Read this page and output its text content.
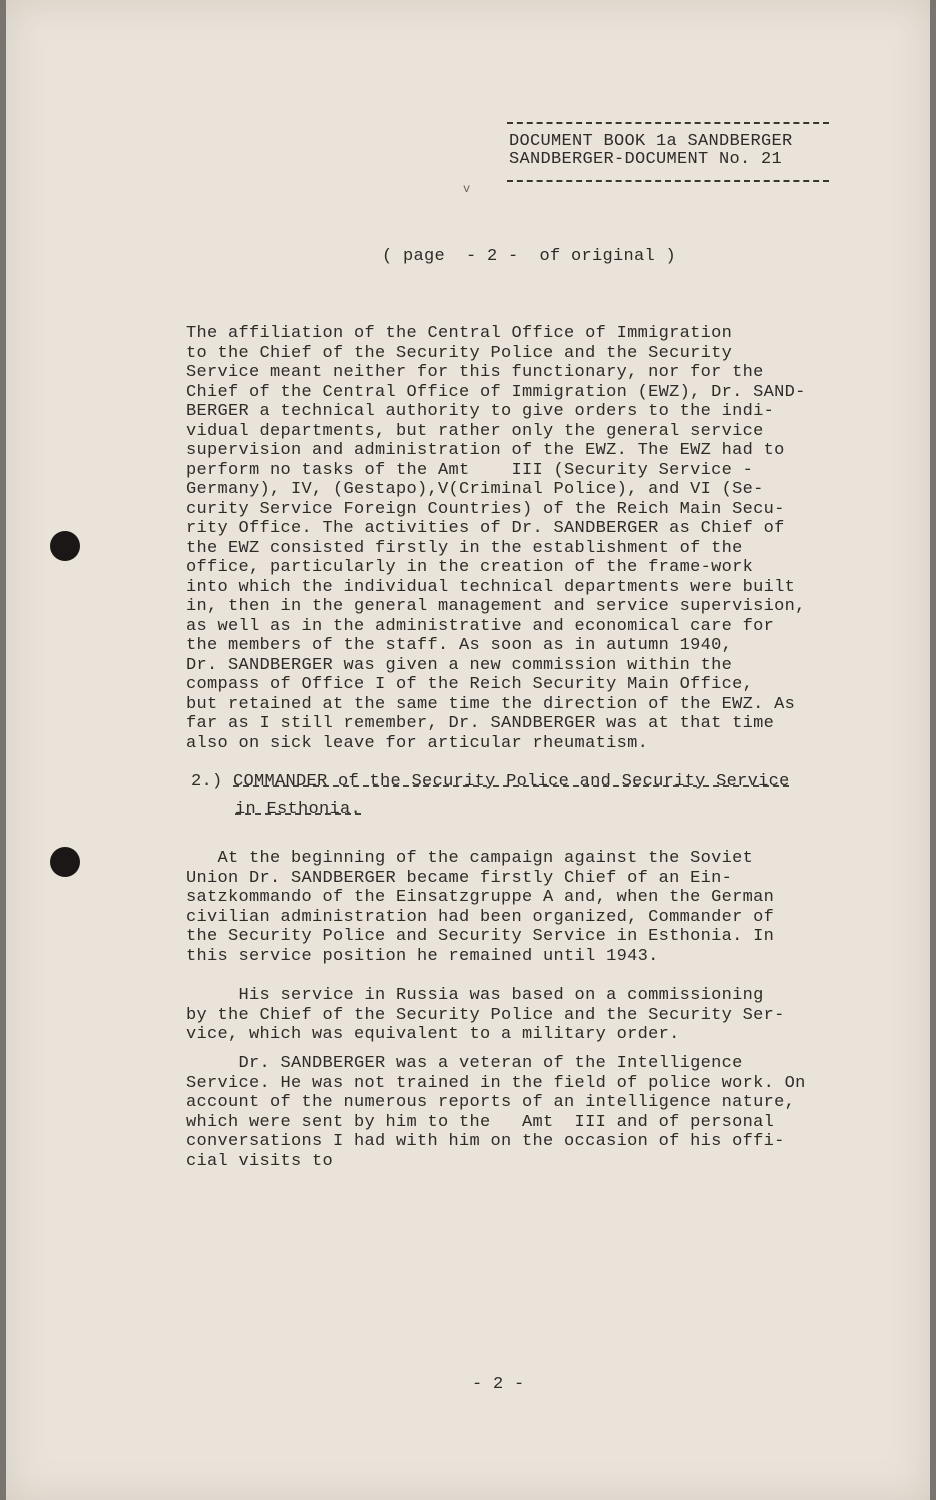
DOCUMENT BOOK 1a SANDBERGER
SANDBERGER-DOCUMENT No. 21
v
( page  - 2 -  of original )
The affiliation of the Central Office of Immigration
to the Chief of the Security Police and the Security
Service meant neither for this functionary, nor for the
Chief of the Central Office of Immigration (EWZ), Dr. SAND-
BERGER a technical authority to give orders to the indi-
vidual departments, but rather only the general service
supervision and administration of the EWZ. The EWZ had to
perform no tasks of the Amt    III (Security Service -
Germany), IV, (Gestapo),V(Criminal Police), and VI (Se-
curity Service Foreign Countries) of the Reich Main Secu-
rity Office. The activities of Dr. SANDBERGER as Chief of
the EWZ consisted firstly in the establishment of the
office, particularly in the creation of the frame-work
into which the individual technical departments were built
in, then in the general management and service supervision,
as well as in the administrative and economical care for
the members of the staff. As soon as in autumn 1940,
Dr. SANDBERGER was given a new commission within the
compass of Office I of the Reich Security Main Office,
but retained at the same time the direction of the EWZ. As
far as I still remember, Dr. SANDBERGER was at that time
also on sick leave for articular rheumatism.
2.) COMMANDER of the Security Police and Security Service
in Esthonia.
At the beginning of the campaign against the Soviet
Union Dr. SANDBERGER became firstly Chief of an Ein-
satzkommando of the Einsatzgruppe A and, when the German
civilian administration had been organized, Commander of
the Security Police and Security Service in Esthonia. In
this service position he remained until 1943.
His service in Russia was based on a commissioning
by the Chief of the Security Police and the Security Ser-
vice, which was equivalent to a military order.
Dr. SANDBERGER was a veteran of the Intelligence
Service. He was not trained in the field of police work. On
account of the numerous reports of an intelligence nature,
which were sent by him to the   Amt  III and of personal
conversations I had with him on the occasion of his offi-
cial visits to
- 2 -
